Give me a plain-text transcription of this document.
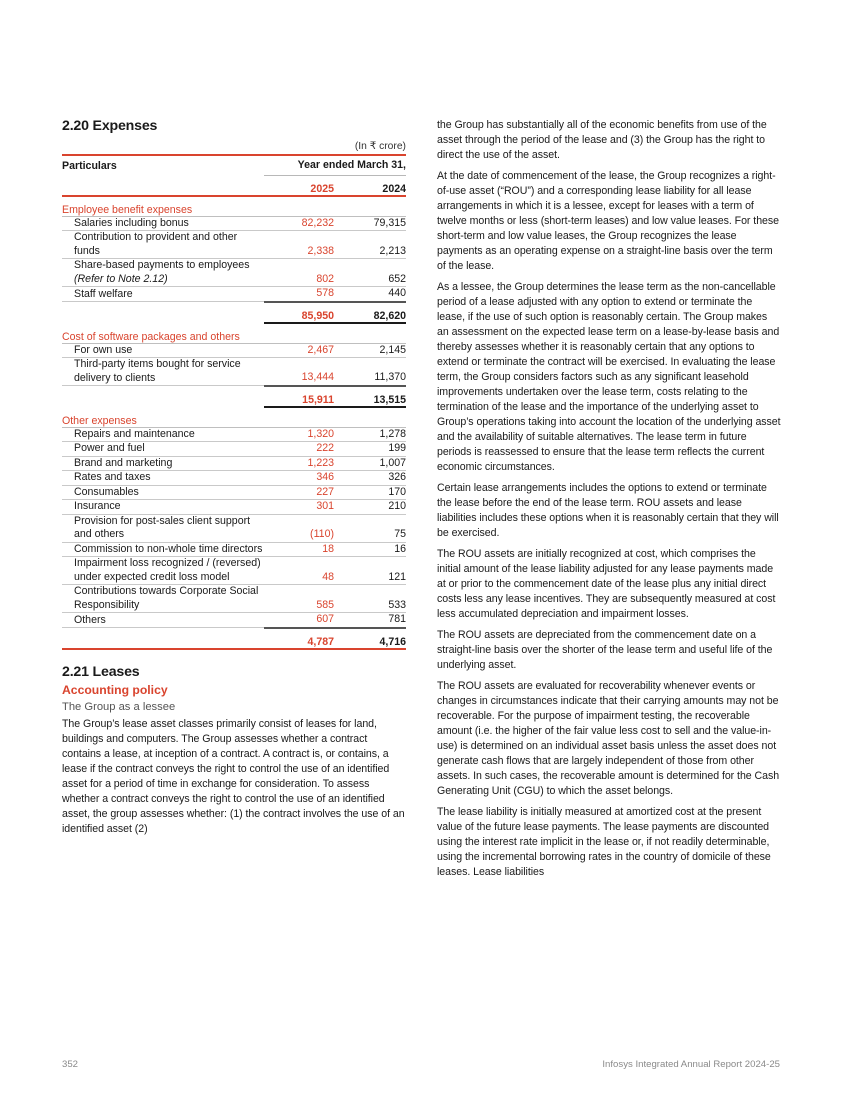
2.20 Expenses
(In ₹ crore)
Particulars	Year ended March 31,	
	2025	2024
Employee benefit expenses		
Salaries including bonus	82,232	79,315
Contribution to provident and other funds	2,338	2,213
Share-based payments to employees (Refer to Note 2.12)	802	652
Staff welfare	578	440
	85,950	82,620
Cost of software packages and others		
For own use	2,467	2,145
Third-party items bought for service delivery to clients	13,444	11,370
	15,911	13,515
Other expenses		
Repairs and maintenance	1,320	1,278
Power and fuel	222	199
Brand and marketing	1,223	1,007
Rates and taxes	346	326
Consumables	227	170
Insurance	301	210
Provision for post-sales client support and others	(110)	75
Commission to non-whole time directors	18	16
Impairment loss recognized / (reversed) under expected credit loss model	48	121
Contributions towards Corporate Social Responsibility	585	533
Others	607	781
	4,787	4,716
2.21 Leases
Accounting policy
The Group as a lessee

The Group’s lease asset classes primarily consist of leases for land, buildings and computers. The Group assesses whether a contract contains a lease, at inception of a contract. A contract is, or contains, a lease if the contract conveys the right to control the use of an identified asset for a period of time in exchange for consideration. To assess whether a contract conveys the right to control the use of an identified asset, the group assesses whether: (1) the contract involves the use of an identified asset (2)

the Group has substantially all of the economic benefits from use of the asset through the period of the lease and (3) the Group has the right to direct the use of the asset.

At the date of commencement of the lease, the Group recognizes a right-of-use asset (“ROU”) and a corresponding lease liability for all lease arrangements in which it is a lessee, except for leases with a term of twelve months or less (short-term leases) and low value leases. For these short-term and low value leases, the Group recognizes the lease payments as an operating expense on a straight-line basis over the term of the lease.

As a lessee, the Group determines the lease term as the non-cancellable period of a lease adjusted with any option to extend or terminate the lease, if the use of such option is reasonably certain. The Group makes an assessment on the expected lease term on a lease-by-lease basis and thereby assesses whether it is reasonably certain that any options to extend or terminate the contract will be exercised. In evaluating the lease term, the Group considers factors such as any significant leasehold improvements undertaken over the lease term, costs relating to the termination of the lease and the importance of the underlying asset to Group’s operations taking into account the location of the underlying asset and the availability of suitable alternatives. The lease term in future periods is reassessed to ensure that the lease term reflects the current economic circumstances.

Certain lease arrangements includes the options to extend or terminate the lease before the end of the lease term. ROU assets and lease liabilities includes these options when it is reasonably certain that they will be exercised.

The ROU assets are initially recognized at cost, which comprises the initial amount of the lease liability adjusted for any lease payments made at or prior to the commencement date of the lease plus any initial direct costs less any lease incentives. They are subsequently measured at cost less accumulated depreciation and impairment losses.

The ROU assets are depreciated from the commencement date on a straight-line basis over the shorter of the lease term and useful life of the underlying asset.

The ROU assets are evaluated for recoverability whenever events or changes in circumstances indicate that their carrying amounts may not be recoverable. For the purpose of impairment testing, the recoverable amount (i.e. the higher of the fair value less cost to sell and the value-in-use) is determined on an individual asset basis unless the asset does not generate cash flows that are largely independent of those from other assets. In such cases, the recoverable amount is determined for the Cash Generating Unit (CGU) to which the asset belongs.

The lease liability is initially measured at amortized cost at the present value of the future lease payments. The lease payments are discounted using the interest rate implicit in the lease or, if not readily determinable, using the incremental borrowing rates in the country of domicile of these leases. Lease liabilities

352	Infosys Integrated Annual Report 2024-25
